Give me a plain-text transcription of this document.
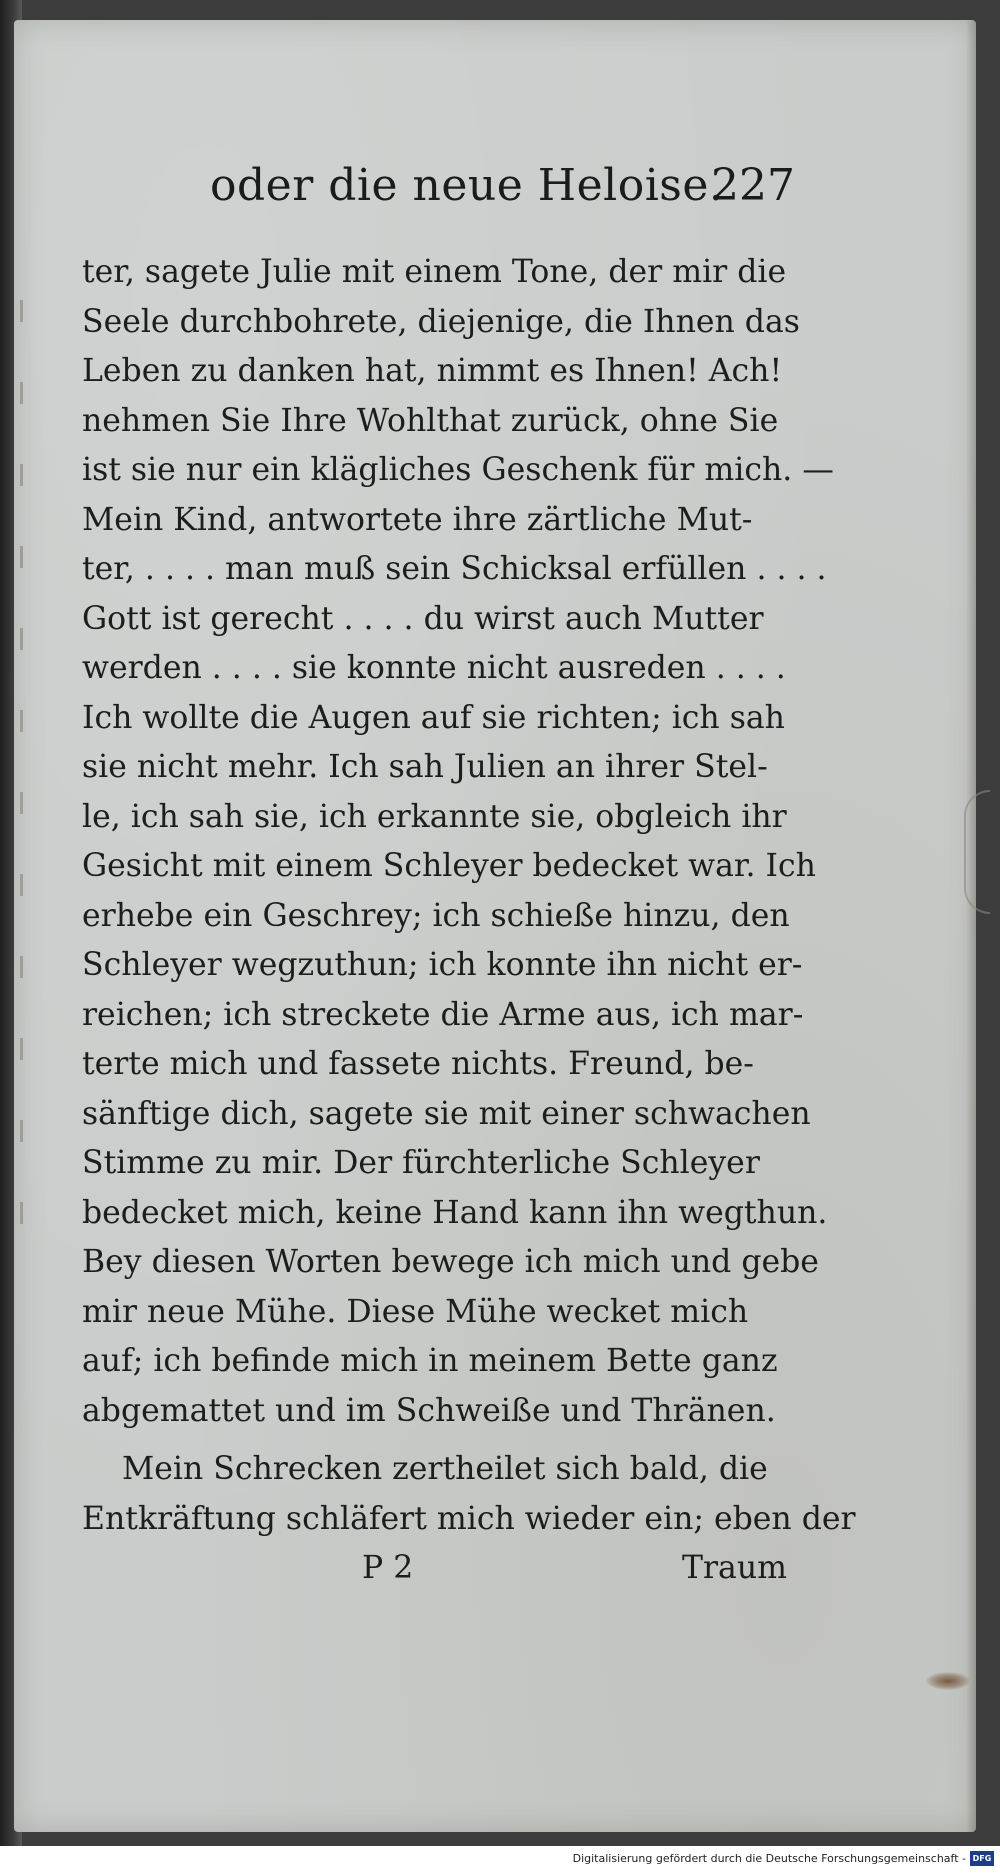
oder die neue Heloise.
227
ter, sagete Julie mit einem Tone, der mir die
Seele durchbohrete, diejenige, die Ihnen das
Leben zu danken hat, nimmt es Ihnen! Ach!
nehmen Sie Ihre Wohlthat zurück, ohne Sie
ist sie nur ein klägliches Geschenk für mich. —
Mein Kind, antwortete ihre zärtliche Mut-
ter, . . . . man muß sein Schicksal erfüllen . . . .
Gott ist gerecht . . . . du wirst auch Mutter
werden . . . . sie konnte nicht ausreden . . . .
Ich wollte die Augen auf sie richten; ich sah
sie nicht mehr. Ich sah Julien an ihrer Stel-
le, ich sah sie, ich erkannte sie, obgleich ihr
Gesicht mit einem Schleyer bedecket war. Ich
erhebe ein Geschrey; ich schieße hinzu, den
Schleyer wegzuthun; ich konnte ihn nicht er-
reichen; ich streckete die Arme aus, ich mar-
terte mich und fassete nichts. Freund, be-
sänftige dich, sagete sie mit einer schwachen
Stimme zu mir. Der fürchterliche Schleyer
bedecket mich, keine Hand kann ihn wegthun.
Bey diesen Worten bewege ich mich und gebe
mir neue Mühe. Diese Mühe wecket mich
auf; ich befinde mich in meinem Bette ganz
abgemattet und im Schweiße und Thränen.
Mein Schrecken zertheilet sich bald, die
Entkräftung schläfert mich wieder ein; eben der
P 2	Traum
Digitalisierung gefördert durch die Deutsche Forschungsgemeinschaft - DFG
